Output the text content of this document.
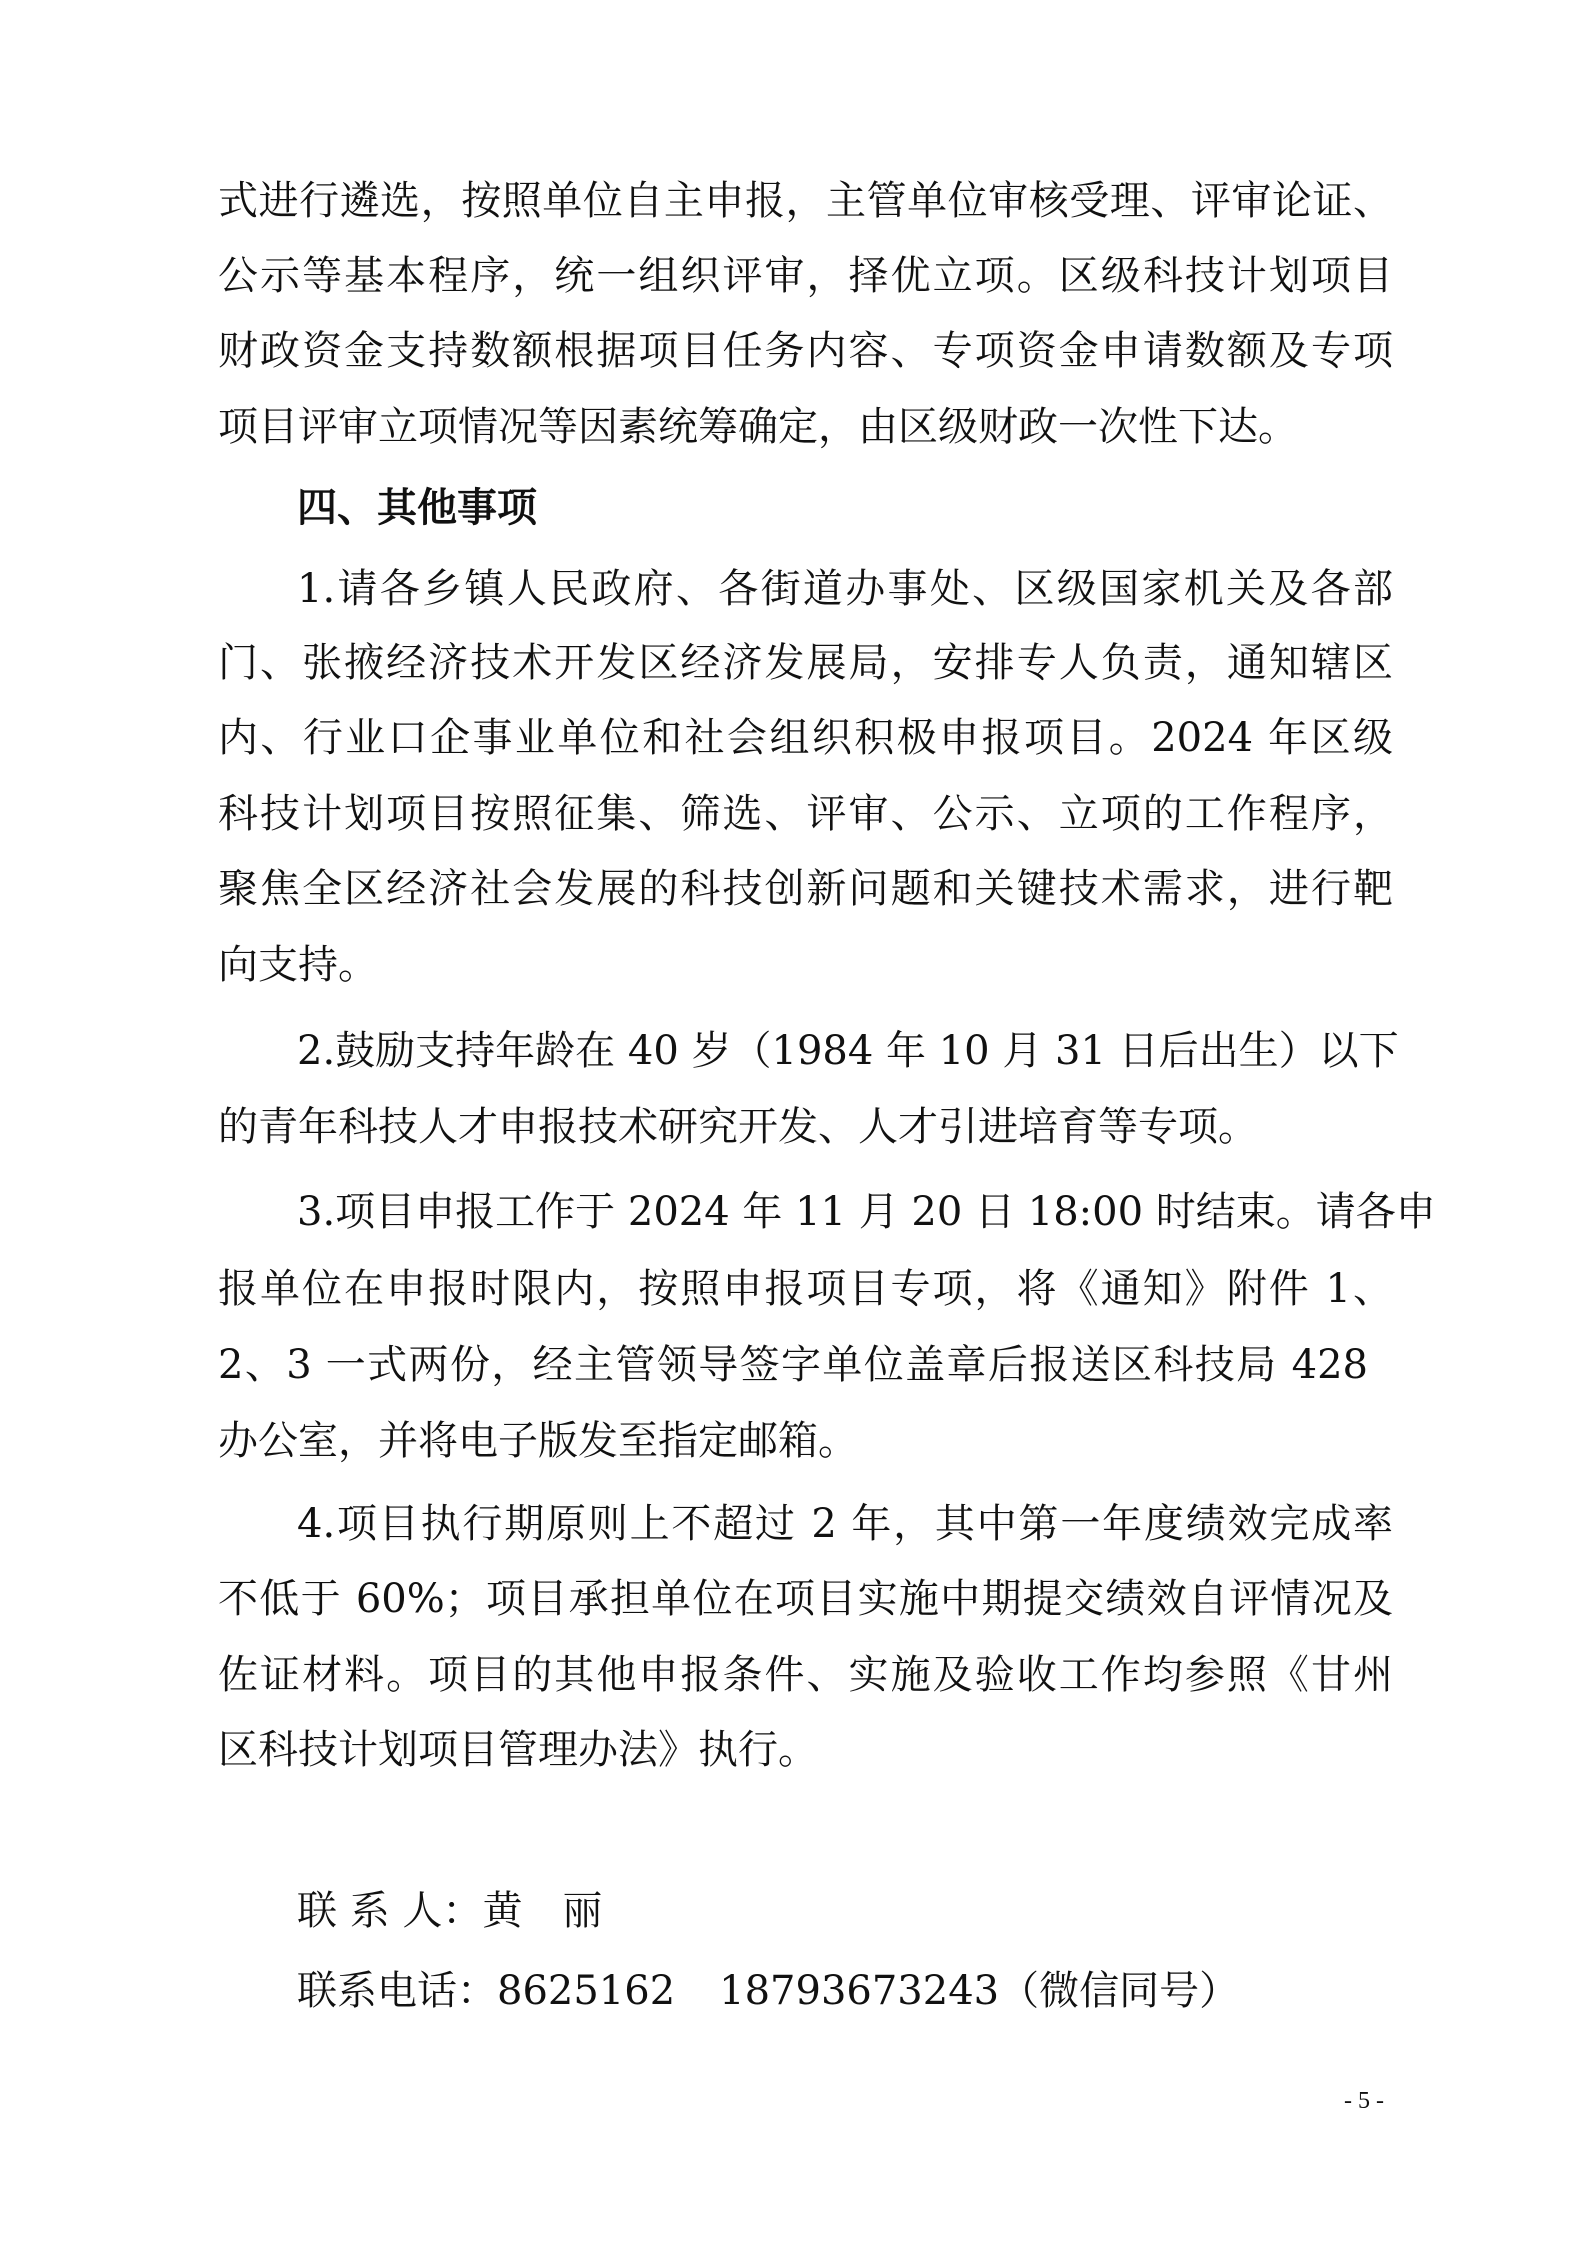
式进行遴选，按照单位自主申报，主管单位审核受理、评审论证、
公示等基本程序，统一组织评审，择优立项。区级科技计划项目
财政资金支持数额根据项目任务内容、专项资金申请数额及专项
项目评审立项情况等因素统筹确定，由区级财政一次性下达。
四、其他事项
1.请各乡镇人民政府、各街道办事处、区级国家机关及各部
门、张掖经济技术开发区经济发展局，安排专人负责，通知辖区
内、行业口企事业单位和社会组织积极申报项目。2024 年区级
科技计划项目按照征集、筛选、评审、公示、立项的工作程序，
聚焦全区经济社会发展的科技创新问题和关键技术需求，进行靶
向支持。
2.鼓励支持年龄在 40 岁（1984 年 10 月 31 日后出生）以下
的青年科技人才申报技术研究开发、人才引进培育等专项。
3.项目申报工作于 2024 年 11 月 20 日 18:00 时结束。请各申
报单位在申报时限内，按照申报项目专项，将《通知》附件 1、
2、3 一式两份，经主管领导签字单位盖章后报送区科技局 428
办公室，并将电子版发至指定邮箱。
4.项目执行期原则上不超过 2 年，其中第一年度绩效完成率
不低于 60%；项目承担单位在项目实施中期提交绩效自评情况及
佐证材料。项目的其他申报条件、实施及验收工作均参照《甘州
区科技计划项目管理办法》执行。
联 系 人：黄　丽
联系电话：8625162 18793673243（微信同号）
- 5 -
